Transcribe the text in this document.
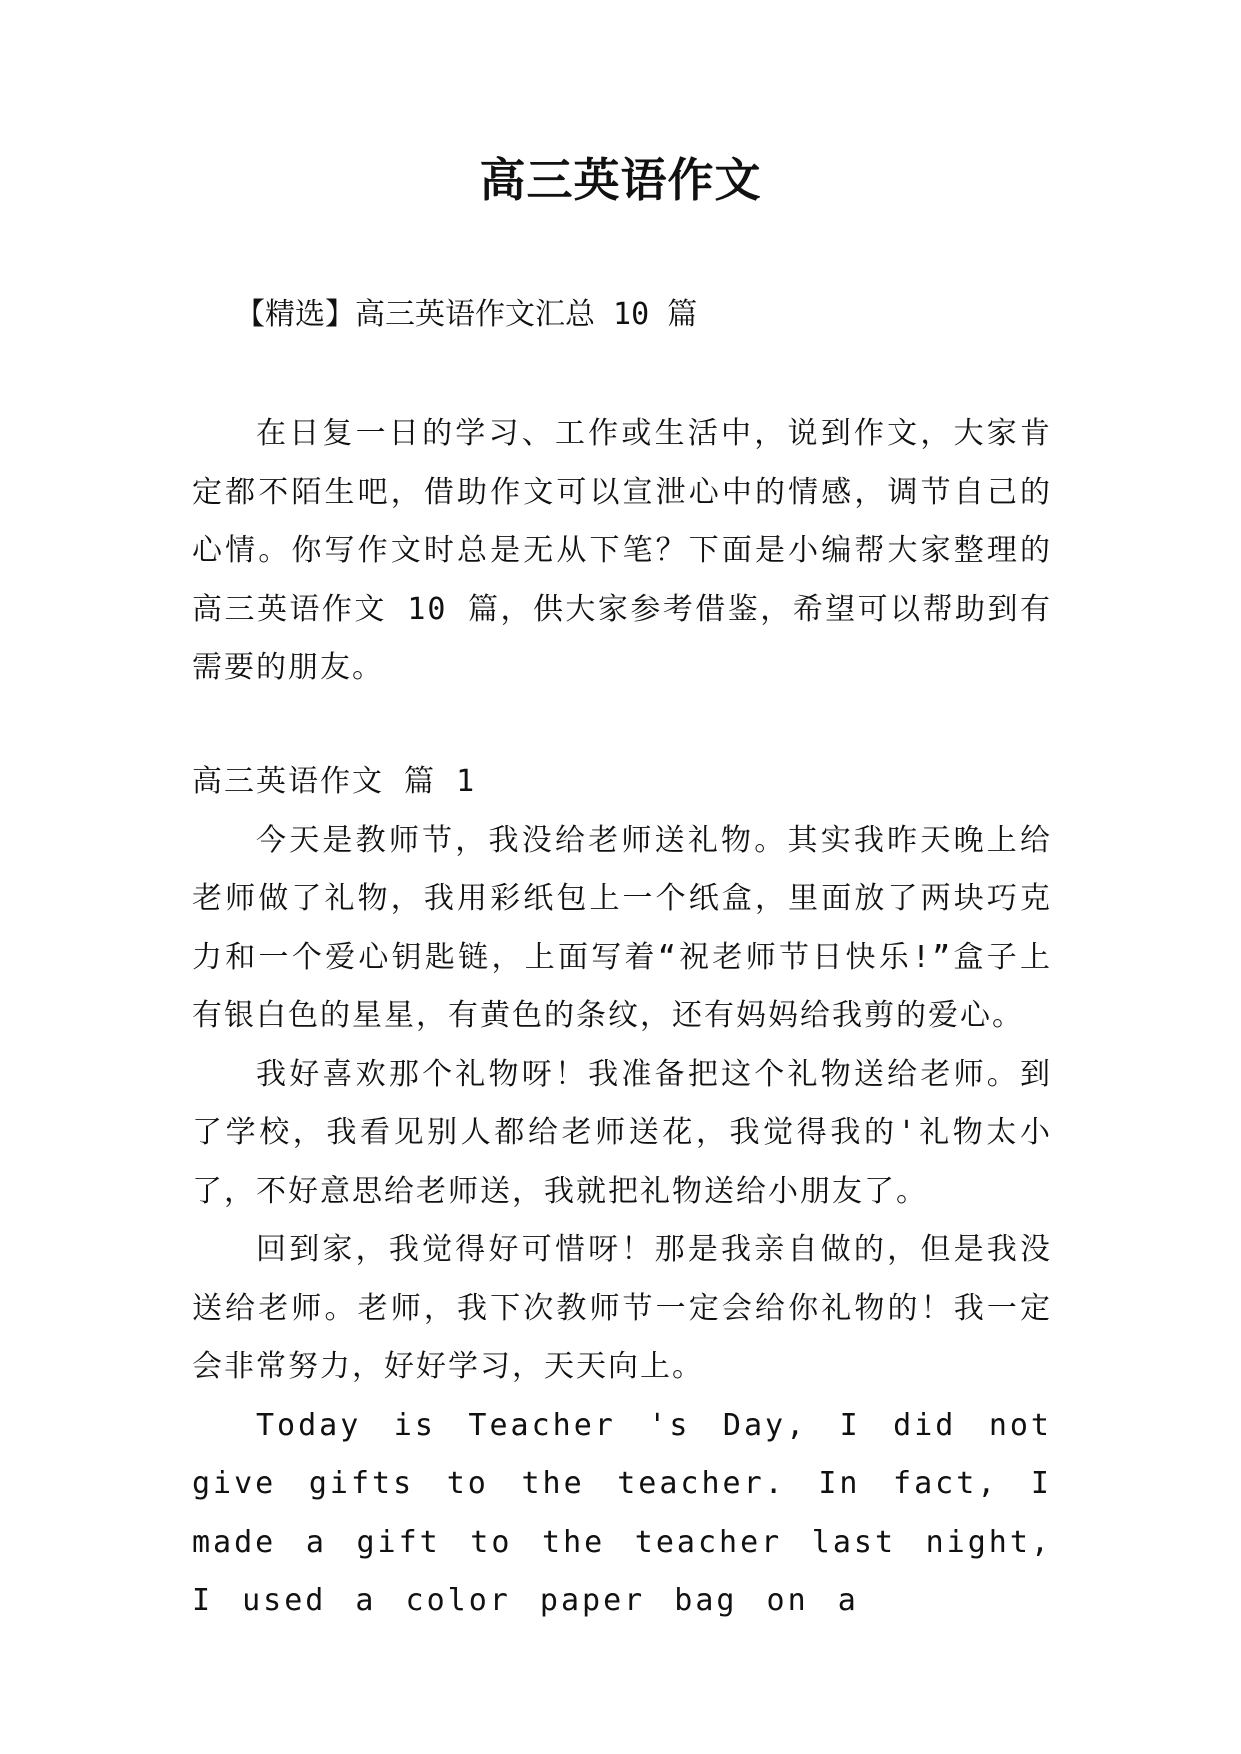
高三英语作文
【精选】高三英语作文汇总 10 篇

在日复一日的学习、工作或生活中，说到作文，大家肯定都不陌生吧，借助作文可以宣泄心中的情感，调节自己的心情。你写作文时总是无从下笔？下面是小编帮大家整理的高三英语作文 10 篇，供大家参考借鉴，希望可以帮助到有需要的朋友。

高三英语作文 篇 1

今天是教师节，我没给老师送礼物。其实我昨天晚上给老师做了礼物，我用彩纸包上一个纸盒，里面放了两块巧克力和一个爱心钥匙链，上面写着“祝老师节日快乐!”盒子上有银白色的星星，有黄色的条纹，还有妈妈给我剪的爱心。

我好喜欢那个礼物呀！我准备把这个礼物送给老师。到了学校，我看见别人都给老师送花，我觉得我的'礼物太小了，不好意思给老师送，我就把礼物送给小朋友了。

回到家，我觉得好可惜呀！那是我亲自做的，但是我没送给老师。老师，我下次教师节一定会给你礼物的！我一定会非常努力，好好学习，天天向上。

Today is Teacher 's Day, I did not give gifts to the teacher. In fact, I made a gift to the teacher last night, I used a color paper bag on a
